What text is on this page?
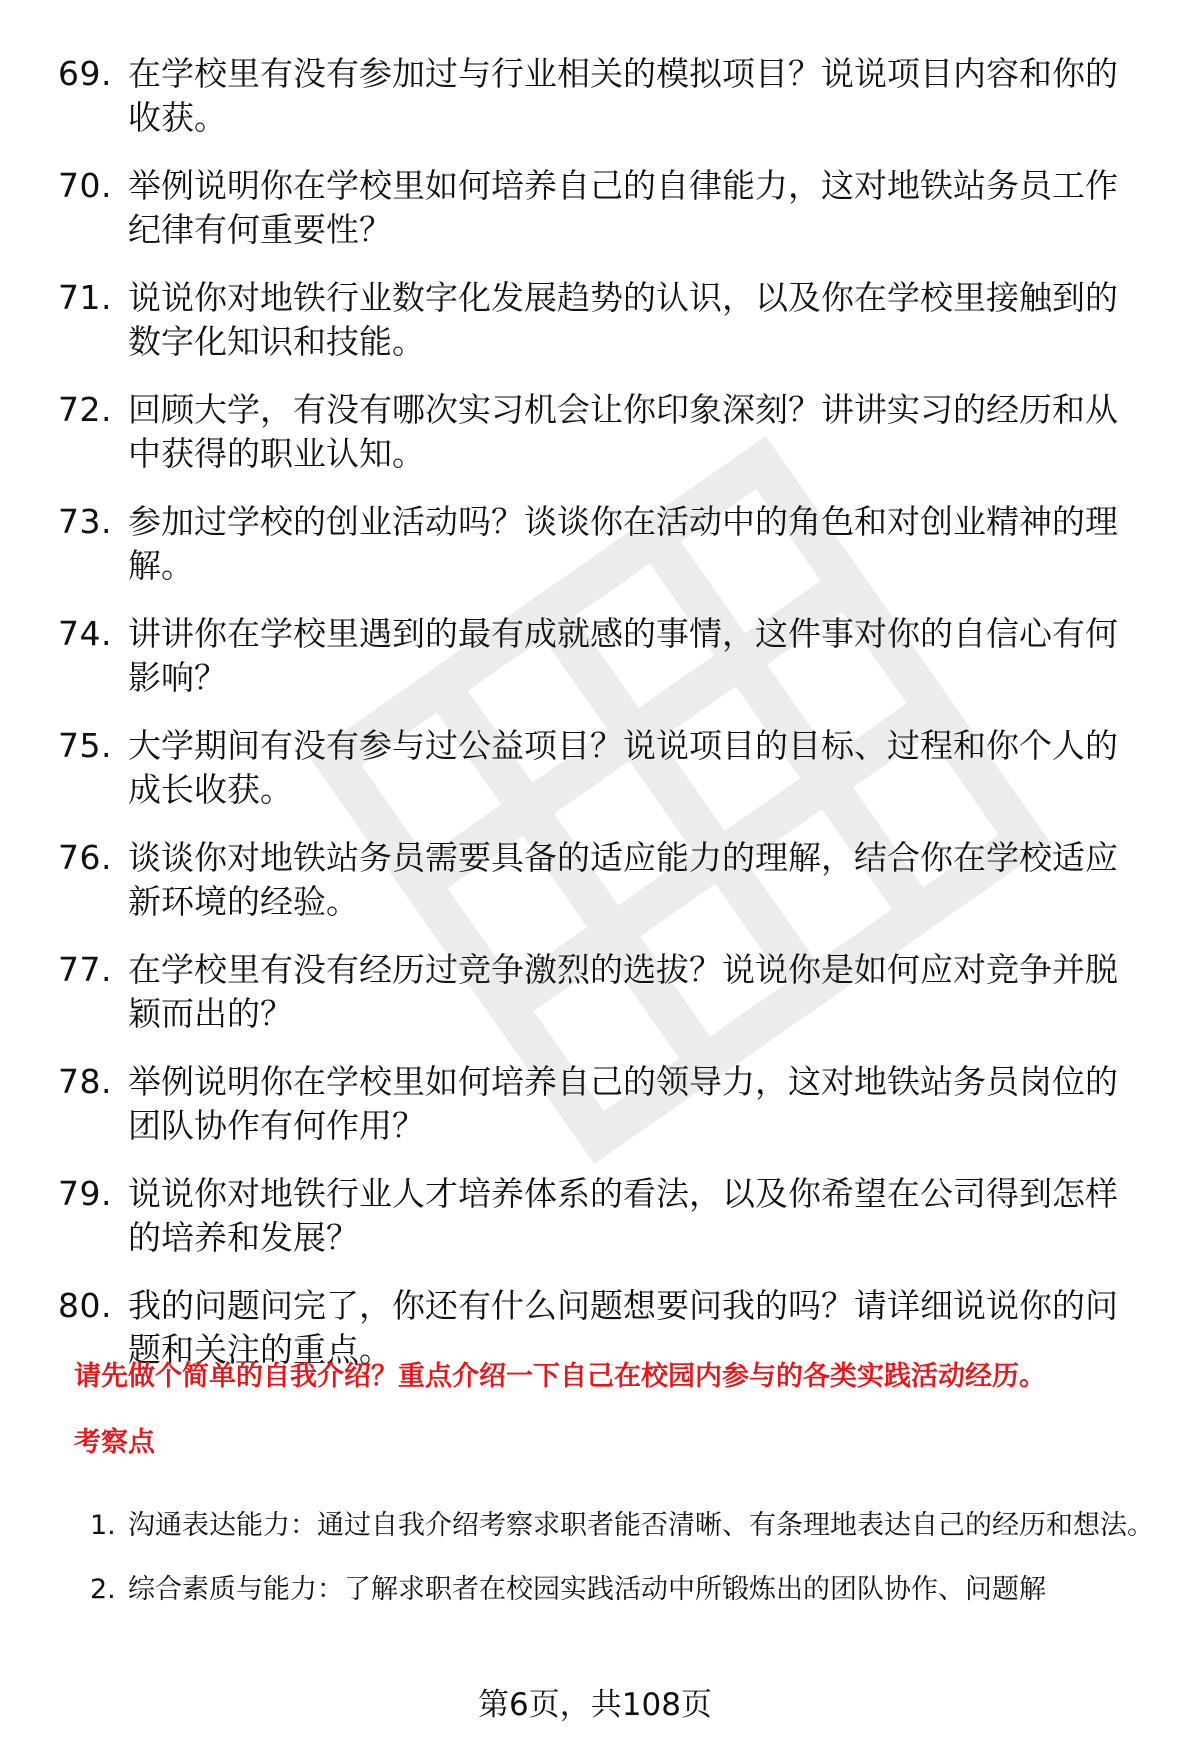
69. 在学校里有没有参加过与行业相关的模拟项目？说说项目内容和你的收获。
70. 举例说明你在学校里如何培养自己的自律能力，这对地铁站务员工作纪律有何重要性？
71. 说说你对地铁行业数字化发展趋势的认识，以及你在学校里接触到的数字化知识和技能。
72. 回顾大学，有没有哪次实习机会让你印象深刻？讲讲实习的经历和从中获得的职业认知。
73. 参加过学校的创业活动吗？谈谈你在活动中的角色和对创业精神的理解。
74. 讲讲你在学校里遇到的最有成就感的事情，这件事对你的自信心有何影响？
75. 大学期间有没有参与过公益项目？说说项目的目标、过程和你个人的成长收获。
76. 谈谈你对地铁站务员需要具备的适应能力的理解，结合你在学校适应新环境的经验。
77. 在学校里有没有经历过竞争激烈的选拔？说说你是如何应对竞争并脱颖而出的？
78. 举例说明你在学校里如何培养自己的领导力，这对地铁站务员岗位的团队协作有何作用？
79. 说说你对地铁行业人才培养体系的看法，以及你希望在公司得到怎样的培养和发展？
80. 我的问题问完了，你还有什么问题想要问我的吗？请详细说说你的问题和关注的重点。
请先做个简单的自我介绍？重点介绍一下自己在校园内参与的各类实践活动经历。
考察点
1. 沟通表达能力：通过自我介绍考察求职者能否清晰、有条理地表达自己的经历和想法。
2. 综合素质与能力：了解求职者在校园实践活动中所锻炼出的团队协作、问题解
第6页，共108页
